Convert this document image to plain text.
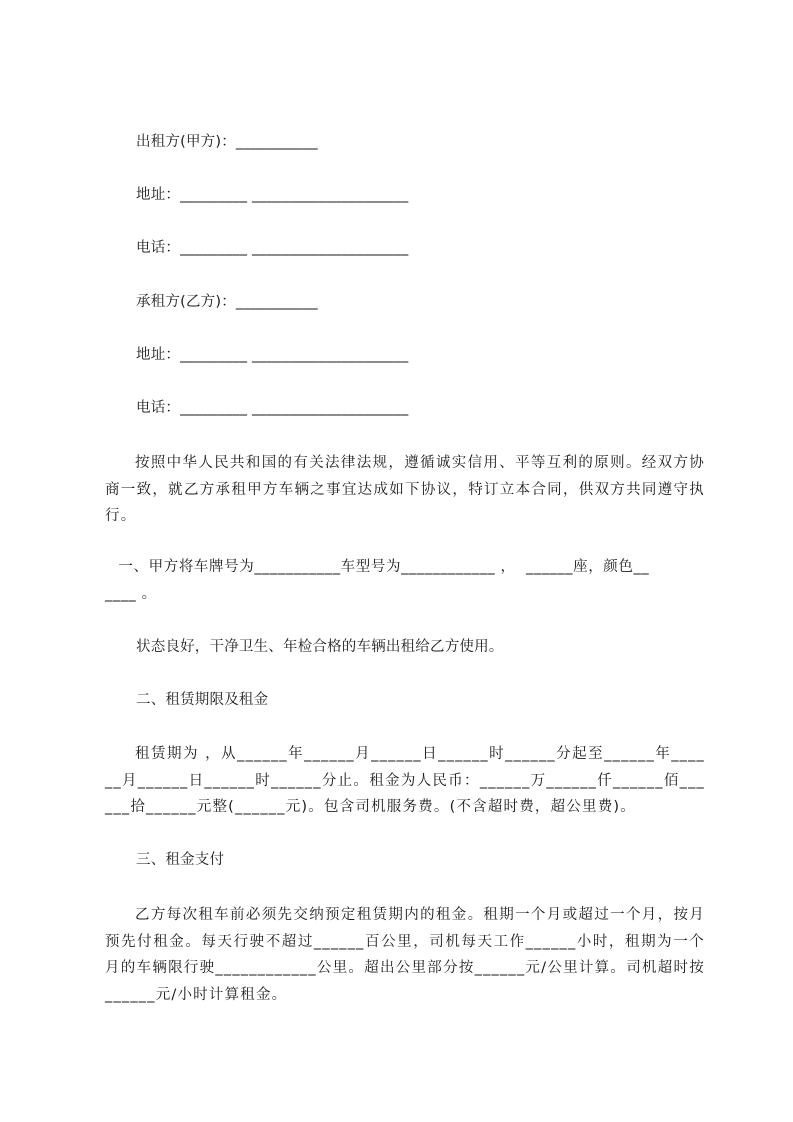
出租方(甲方)：___________
地址：_________ _____________________
电话：_________ _____________________
承租方(乙方)：___________
地址：_________ _____________________
电话：_________ _____________________

按照中华人民共和国的有关法律法规，遵循诚实信用、平等互利的原则。经双方协商一致，就乙方承租甲方车辆之事宜达成如下协议，特订立本合同，供双方共同遵守执行。

一、甲方将车牌号为___________车型号为____________ ，  ______座，颜色__
____ 。
状态良好，干净卫生、年检合格的车辆出租给乙方使用。
二、租赁期限及租金

租赁期为 ，从______年______月______日______时______分起至______年______月______日______时______分止。租金为人民币：______万______仟______佰______拾______元整(______元)。包含司机服务费。(不含超时费，超公里费)。

三、租金支付

乙方每次租车前必须先交纳预定租赁期内的租金。租期一个月或超过一个月，按月预先付租金。每天行驶不超过______百公里，司机每天工作______小时，租期为一个月的车辆限行驶____________公里。超出公里部分按______元/公里计算。司机超时按______元/小时计算租金。
